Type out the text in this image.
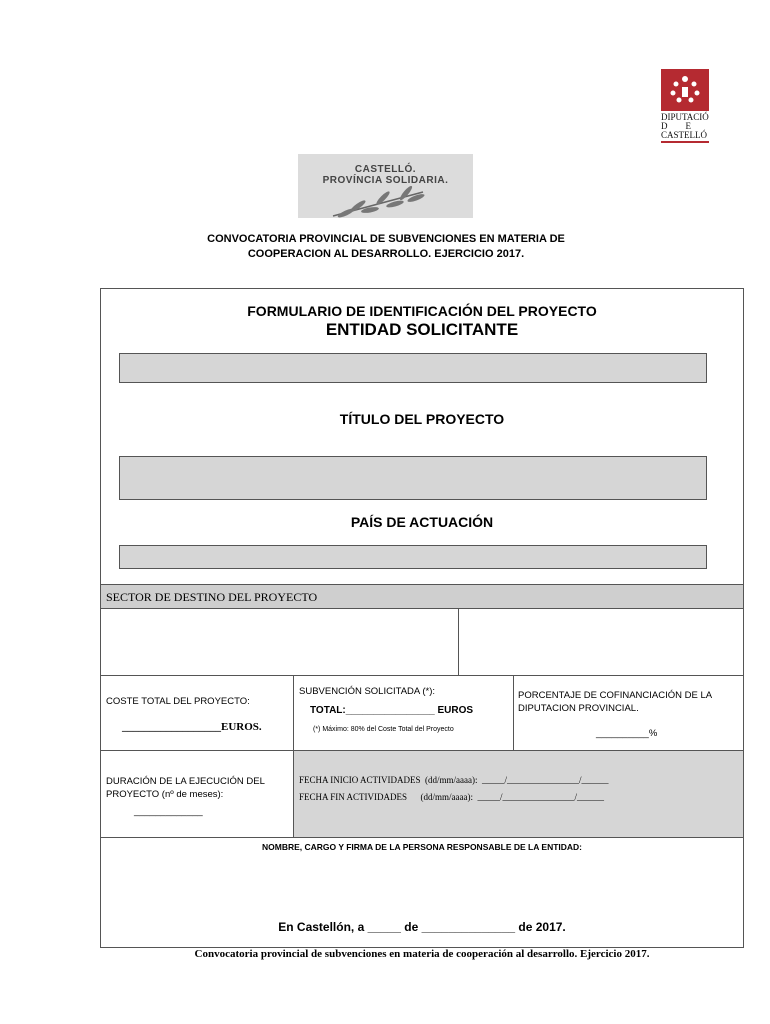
DIPUTACIÓ
D        E
CASTELLÓ
CASTELLÓ.
PROVÍNCIA SOLIDARIA.
CONVOCATORIA PROVINCIAL DE SUBVENCIONES EN MATERIA DE
COOPERACION AL DESARROLLO. EJERCICIO 2017.
FORMULARIO DE IDENTIFICACIÓN DEL PROYECTO
ENTIDAD SOLICITANTE
TÍTULO DEL PROYECTO
PAÍS DE ACTUACIÓN
SECTOR DE DESTINO DEL PROYECTO
COSTE TOTAL DEL PROYECTO:
__________________EUROS.
SUBVENCIÓN SOLICITADA (*):
TOTAL:________________ EUROS
(*) Máximo: 80% del Coste Total del Proyecto
PORCENTAJE DE COFINANCIACIÓN DE LA DIPUTACION PROVINCIAL.
__________%
DURACIÓN DE LA EJECUCIÓN DEL PROYECTO (nº de meses):
_____________
FECHA INICIO ACTIVIDADES  (dd/mm/aaaa):  _____/________________/______
FECHA FIN ACTIVIDADES      (dd/mm/aaaa):  _____/________________/______
NOMBRE, CARGO Y FIRMA DE LA PERSONA RESPONSABLE DE LA ENTIDAD:
En Castellón, a _____ de ______________ de 2017.
Convocatoria provincial de subvenciones en materia de cooperación al desarrollo. Ejercicio 2017.
